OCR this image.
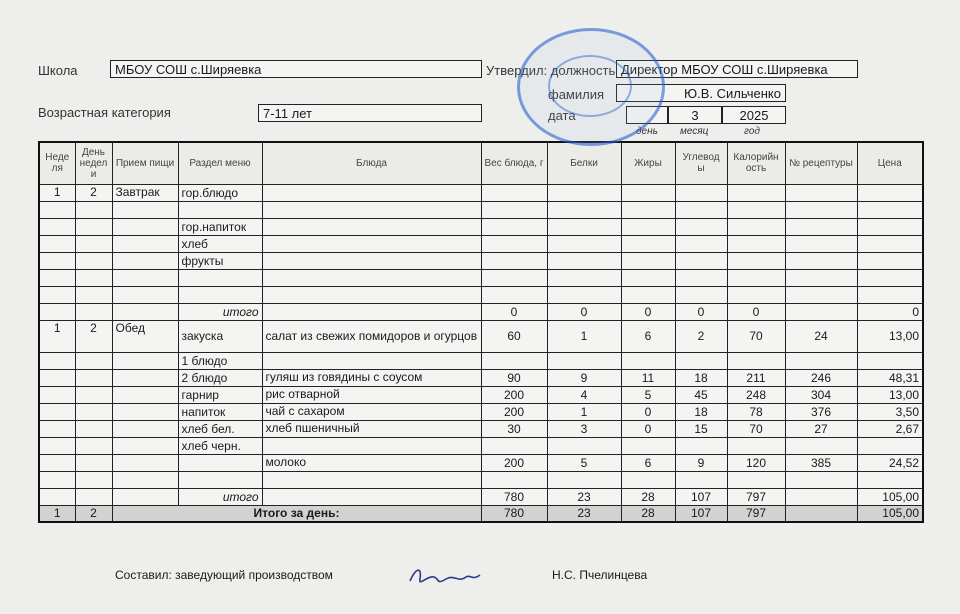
Школа	МБОУ СОШ с.Ширяевка	Утвердил: должность Директор МБОУ СОШ с.Ширяевка
фамилия	Ю.В. Сильченко
Возрастная категория	7-11 лет	дата	3	2025
день месяц	год
Неде ля	День недел и	Прием пищи	Раздел меню	Блюда	Вес блюда, г	Белки	Жиры	Углевод ы	Калорийн ость	№ рецептуры	Цена
1	2	Завтрак	гор.блюдо								

			гор.напиток								
			хлеб								
			фрукты								

			итого		0	0	0	0	0		0
1	2	Обед	закуска	салат из свежих помидоров и огурцов	60	1	6	2	70	24	13,00
			1 блюдо								
			2 блюдо	гуляш из говядины с соусом	90	9	11	18	211	246	48,31
			гарнир	рис отварной	200	4	5	45	248	304	13,00
			напиток	чай с сахаром	200	1	0	18	78	376	3,50
			хлеб бел.	хлеб пшеничный	30	3	0	15	70	27	2,67
			хлеб черн.								
				молоко	200	5	6	9	120	385	24,52

			итого		780	23	28	107	797		105,00
1	2	Итого за день:			780	23	28	107	797		105,00
Составил: заведующий производством	Н.С. Пчелинцева
